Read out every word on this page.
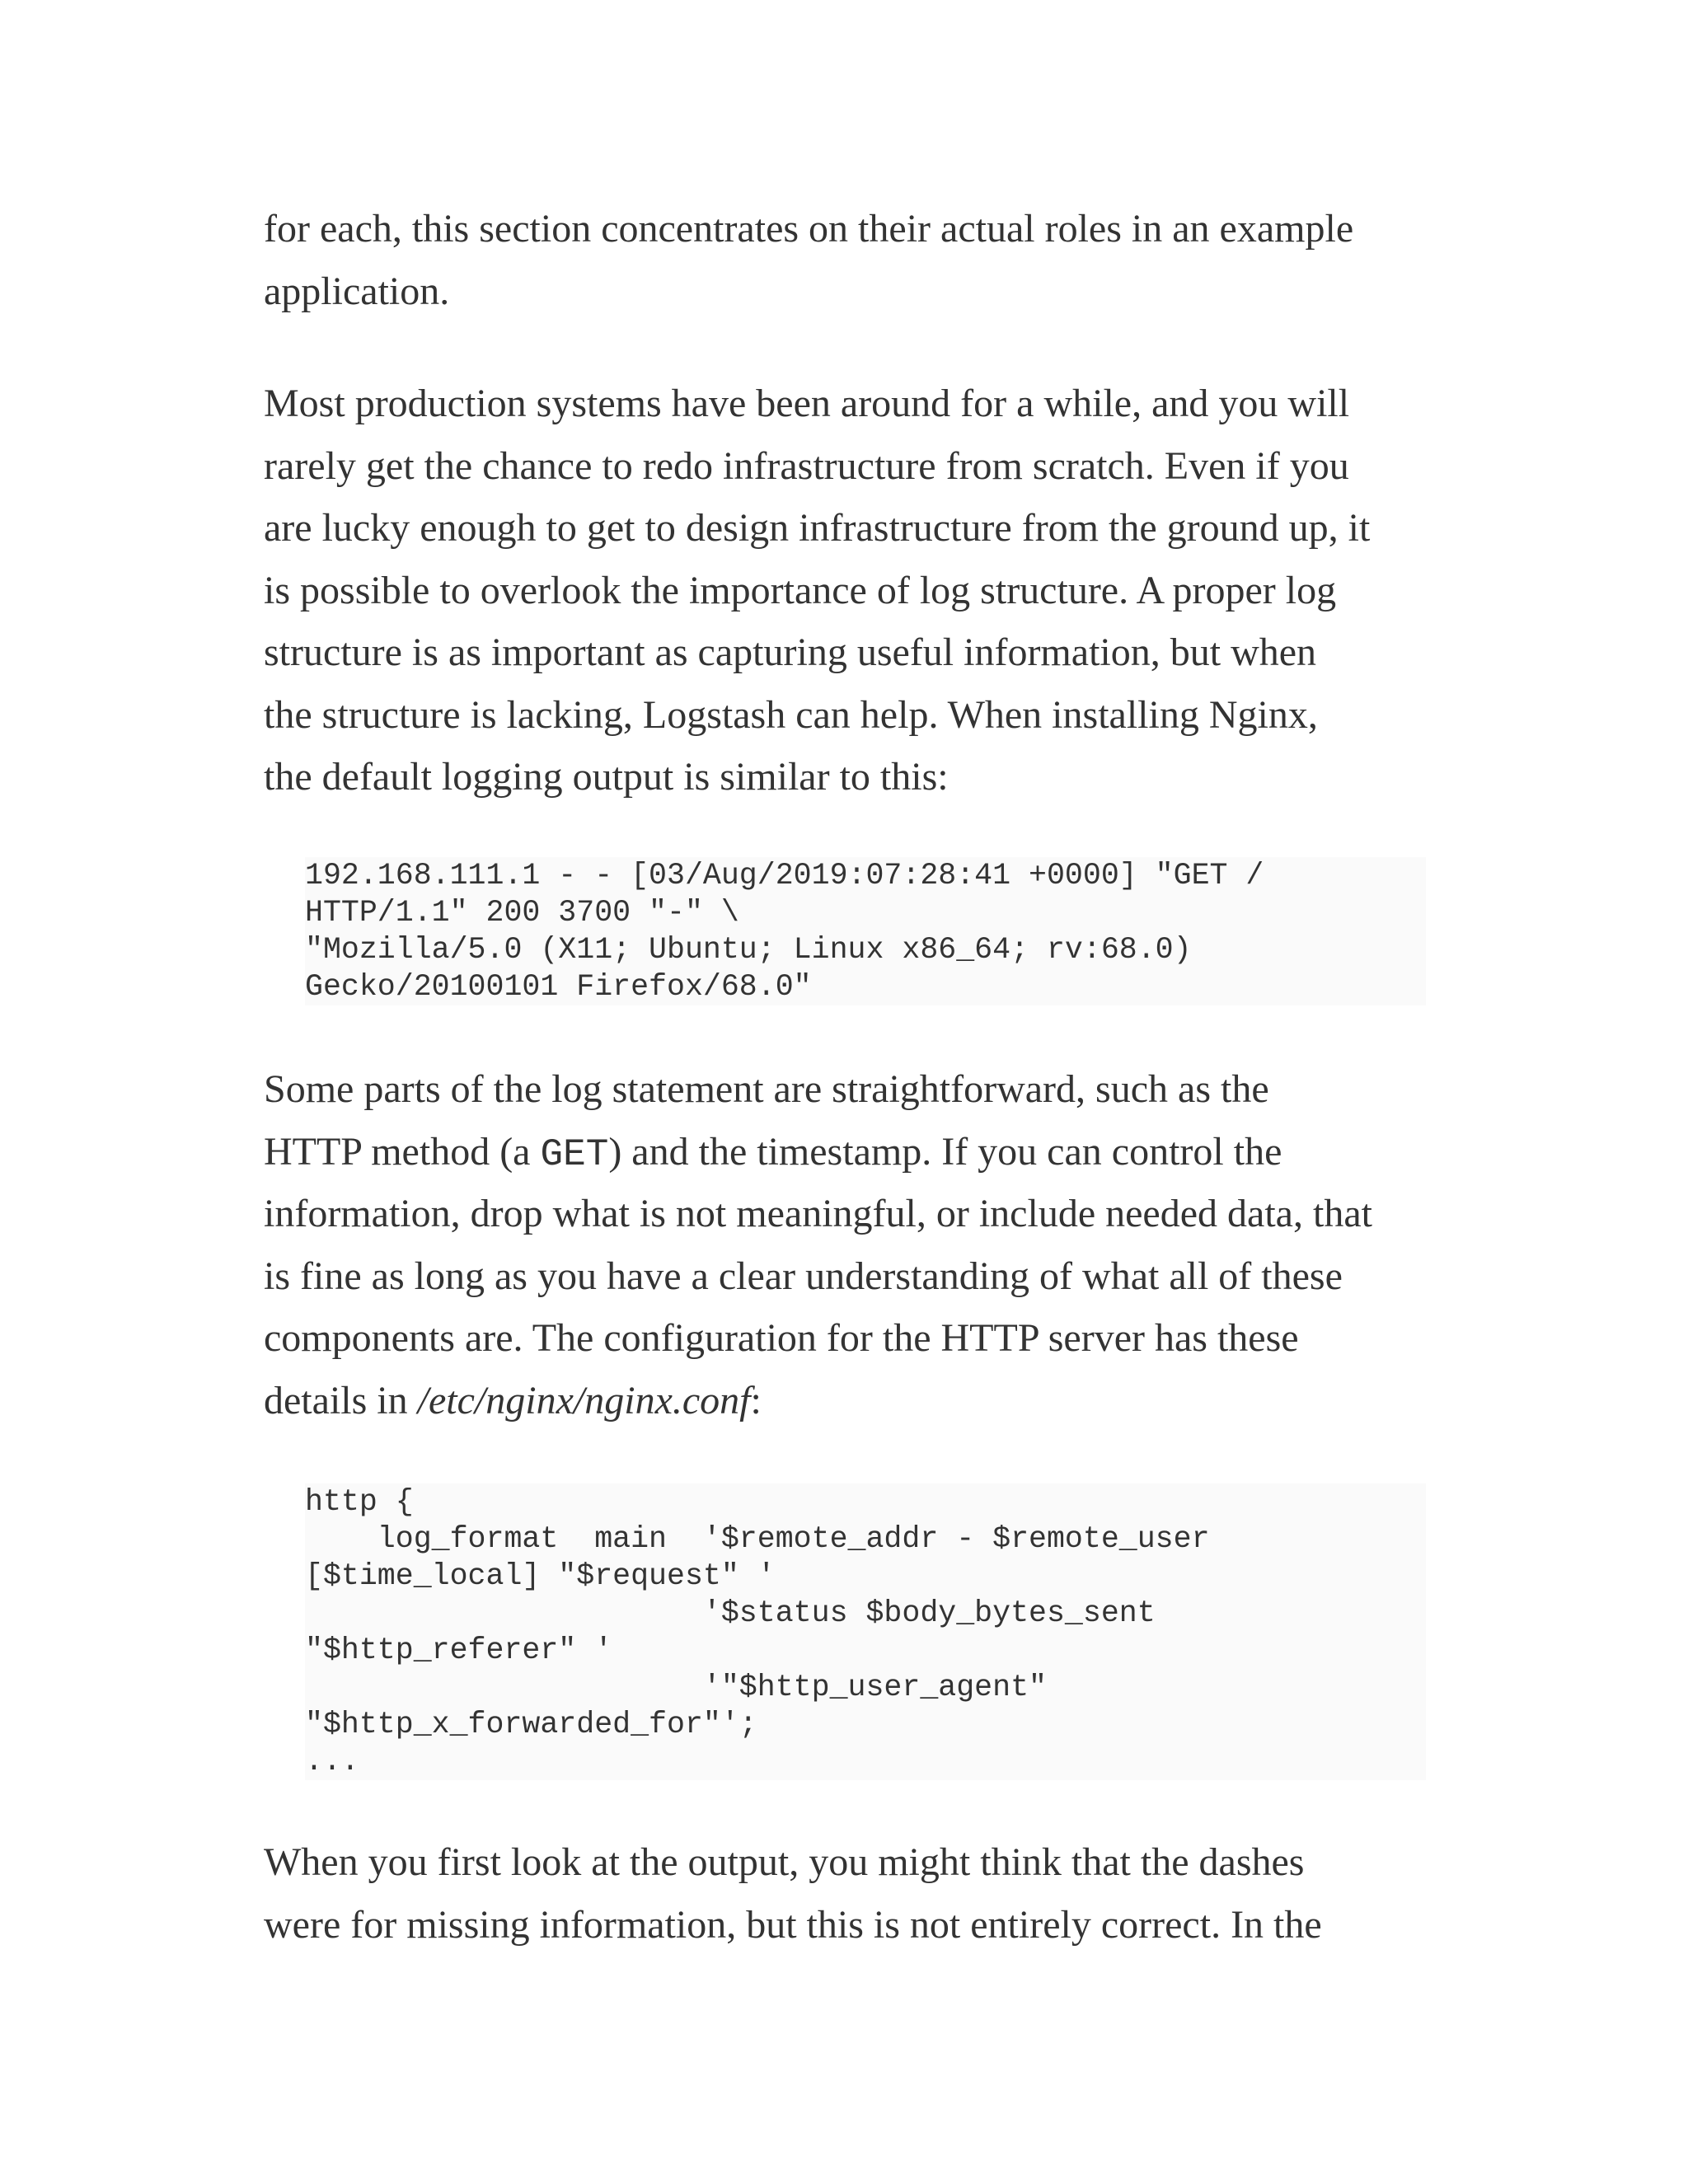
for each, this section concentrates on their actual roles in an example
application.

Most production systems have been around for a while, and you will
rarely get the chance to redo infrastructure from scratch. Even if you
are lucky enough to get to design infrastructure from the ground up, it
is possible to overlook the importance of log structure. A proper log
structure is as important as capturing useful information, but when
the structure is lacking, Logstash can help. When installing Nginx,
the default logging output is similar to this:

192.168.111.1 - - [03/Aug/2019:07:28:41 +0000] "GET /
HTTP/1.1" 200 3700 "-" \
"Mozilla/5.0 (X11; Ubuntu; Linux x86_64; rv:68.0)
Gecko/20100101 Firefox/68.0"

Some parts of the log statement are straightforward, such as the
HTTP method (a GET) and the timestamp. If you can control the
information, drop what is not meaningful, or include needed data, that
is fine as long as you have a clear understanding of what all of these
components are. The configuration for the HTTP server has these
details in /etc/nginx/nginx.conf:

http {
log_format  main  '$remote_addr - $remote_user
[$time_local] "$request" '
'$status $body_bytes_sent
"$http_referer" '
'"$http_user_agent"
"$http_x_forwarded_for"';
...

When you first look at the output, you might think that the dashes
were for missing information, but this is not entirely correct. In the
